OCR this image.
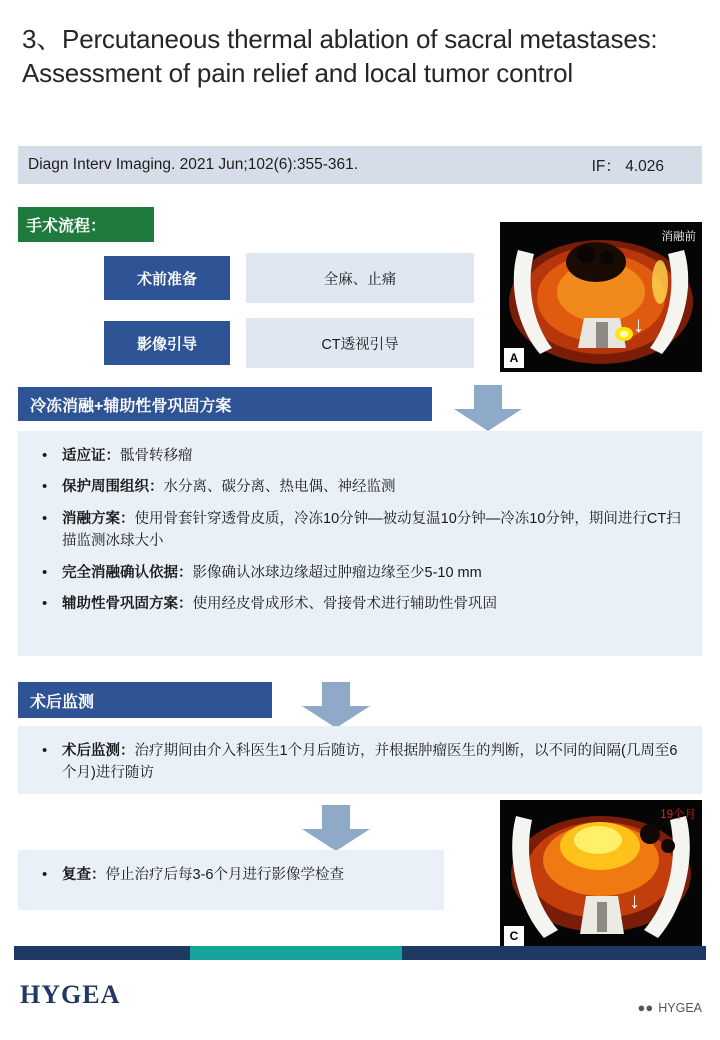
3、Percutaneous thermal ablation of sacral metastases: Assessment of pain relief and local tumor control
Diagn Interv Imaging. 2021 Jun;102(6):355-361.	IF： 4.026
手术流程：
术前准备	全麻、止痛
影像引导	CT透视引导
↓
消融前
A
冷冻消融+辅助性骨巩固方案
• 适应证：骶骨转移瘤
• 保护周围组织：水分离、碳分离、热电偶、神经监测
• 消融方案：使用骨套针穿透骨皮质，冷冻10分钟—被动复温10分钟—冷冻10分钟，期间进行CT扫描监测冰球大小
• 完全消融确认依据：影像确认冰球边缘超过肿瘤边缘至少5-10 mm
• 辅助性骨巩固方案：使用经皮骨成形术、骨接骨术进行辅助性骨巩固
术后监测
• 术后监测：治疗期间由介入科医生1个月后随访，并根据肿瘤医生的判断，以不同的间隔(几周至6个月)进行随访
• 复查：停止治疗后每3-6个月进行影像学检查
↓
19个月
C
HYGEA	●● HYGEA
